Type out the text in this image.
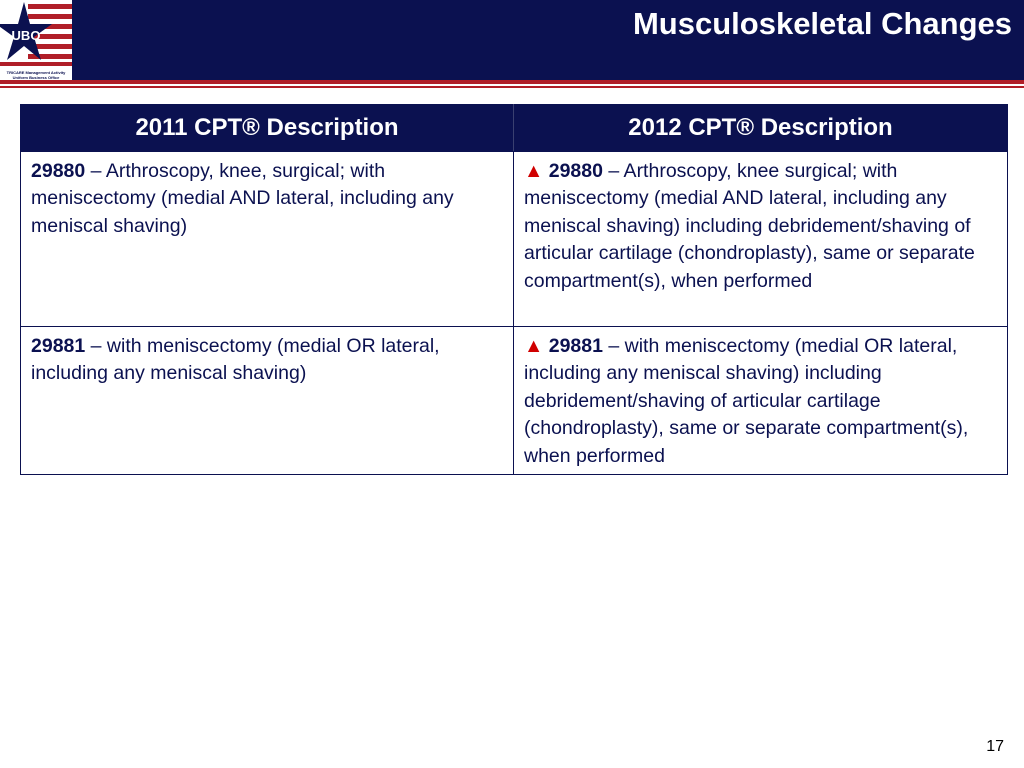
UBO
TRICARE Management Activity
Uniform Business Office
Musculoskeletal Changes
2011 CPT® Description	2012 CPT® Description
29880 – Arthroscopy, knee, surgical; with meniscectomy (medial AND lateral, including any meniscal shaving)	▲ 29880 – Arthroscopy, knee surgical; with meniscectomy (medial AND lateral, including any meniscal shaving) including debridement/shaving of articular cartilage (chondroplasty), same or separate compartment(s), when performed
29881 – with meniscectomy (medial OR lateral, including any meniscal shaving)	▲ 29881 – with meniscectomy (medial OR lateral, including any meniscal shaving) including debridement/shaving of articular cartilage (chondroplasty), same or separate compartment(s), when performed
17
